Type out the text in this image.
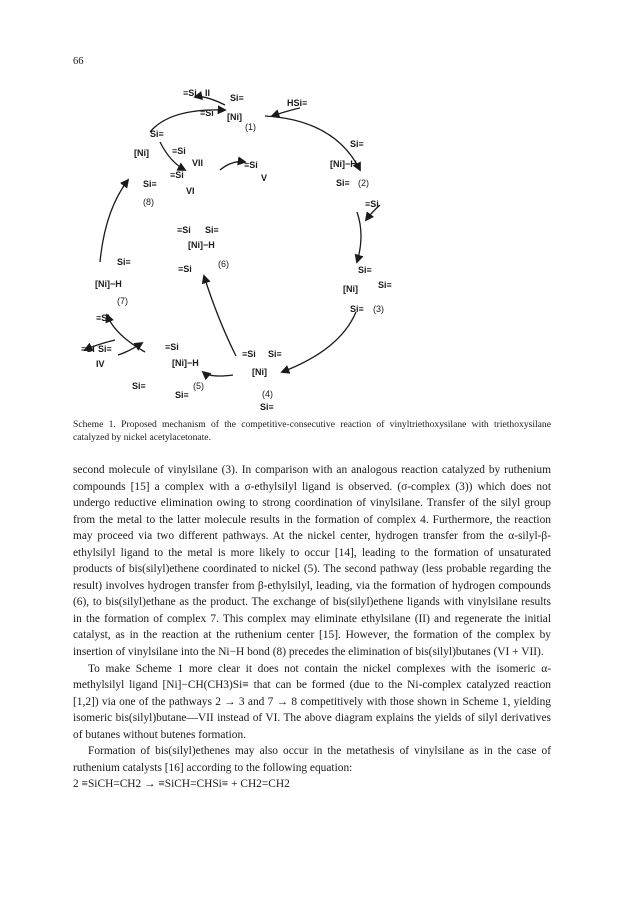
66
≡Si II Si≡
[Ni]
(1)
≡Si
HSi≡
Si≡
[Ni]−H
Si≡ (2)
≡Si
Si≡
[Ni] Si≡
Si≡ (3)
≡Si Si≡
[Ni]
(4)
Si≡
≡Si
[Ni]−H
Si≡
(5)
Si≡
≡Si Si≡
IV
Si≡
[Ni]−H
(7)
≡Si
≡Si Si≡
[Ni]−H
≡Si	(6)
Si≡
[Ni]
Si≡
(8)
≡Si
VII
≡Si
VI
≡Si
V
Scheme 1. Proposed mechanism of the competitive-consecutive reaction of vinyltriethoxysilane with triethoxysilane catalyzed by nickel acetylacetonate.

second molecule of vinylsilane (3). In comparison with an analogous reaction catalyzed by ruthenium compounds [15] a complex with a σ-ethylsilyl ligand is observed. (σ-complex (3)) which does not undergo reductive elimination owing to strong coordination of vinylsilane. Transfer of the silyl group from the metal to the latter molecule results in the formation of complex 4. Furthermore, the reaction may proceed via two different pathways. At the nickel center, hydrogen transfer from the α-silyl-β-ethylsilyl ligand to the metal is more likely to occur [14], leading to the formation of unsaturated products of bis(silyl)ethene coordinated to nickel (5). The second pathway (less probable regarding the result) involves hydrogen transfer from β-ethylsilyl, leading, via the formation of hydrogen compounds (6), to bis(silyl)ethane as the product. The exchange of bis(silyl)ethene ligands with vinylsilane results in the formation of complex 7. This complex may eliminate ethylsilane (II) and regenerate the initial catalyst, as in the reaction at the ruthenium center [15]. However, the formation of the complex by insertion of vinylsilane into the Ni−H bond (8) precedes the elimination of bis(silyl)butanes (VI + VII).

To make Scheme 1 more clear it does not contain the nickel complexes with the isomeric α-methylsilyl ligand [Ni]−CH(CH3)Si≡ that can be formed (due to the Ni-complex catalyzed reaction [1,2]) via one of the pathways 2 → 3 and 7 → 8 competitively with those shown in Scheme 1, yielding isomeric bis(silyl)butane—VII instead of VI. The above diagram explains the yields of silyl derivatives of butanes without butenes formation.

Formation of bis(silyl)ethenes may also occur in the metathesis of vinylsilane as in the case of ruthenium catalysts [16] according to the following equation:

2 ≡SiCH=CH2 → ≡SiCH=CHSi≡ + CH2=CH2
